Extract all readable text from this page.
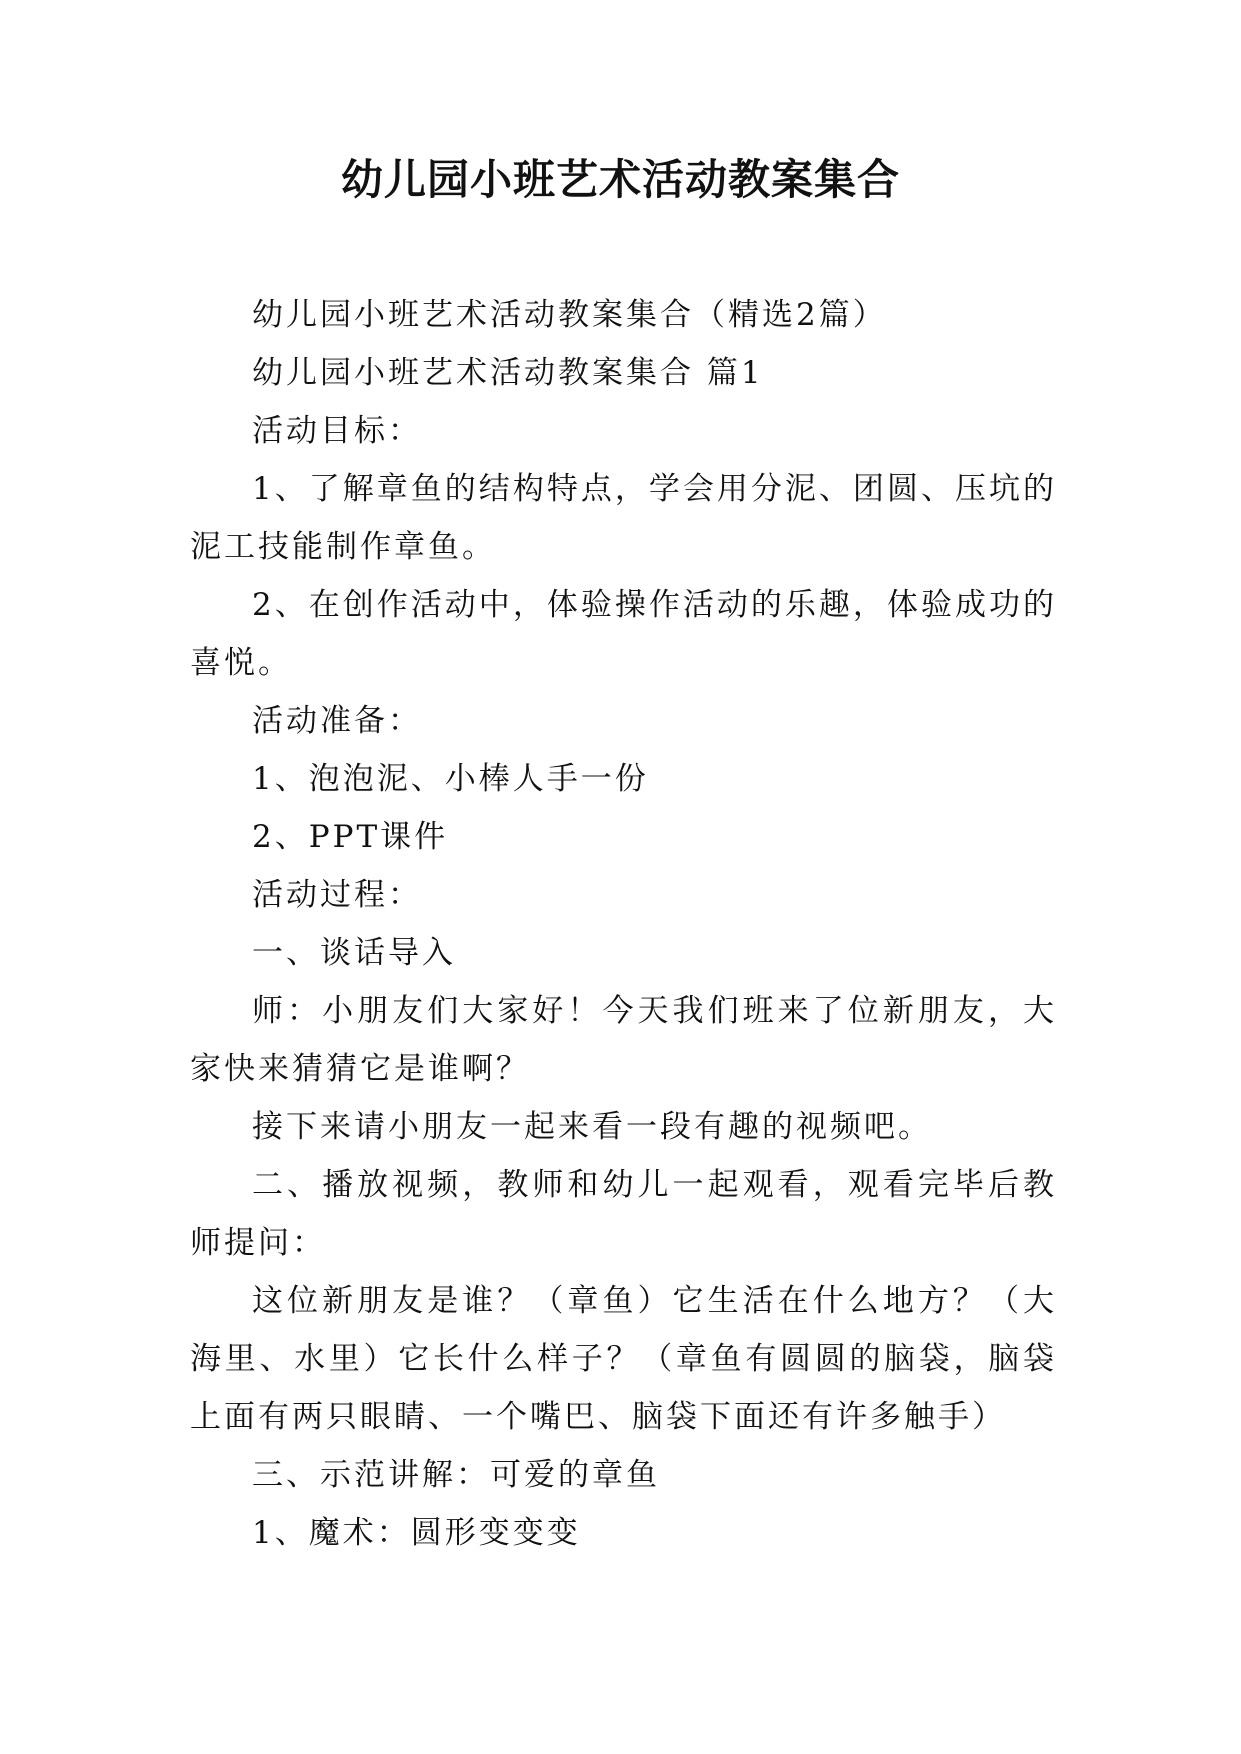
幼儿园小班艺术活动教案集合

幼儿园小班艺术活动教案集合（精选2篇）

幼儿园小班艺术活动教案集合 篇1

活动目标：

1、了解章鱼的结构特点，学会用分泥、团圆、压坑的泥工技能制作章鱼。

2、在创作活动中，体验操作活动的乐趣，体验成功的喜悦。

活动准备：

1、泡泡泥、小棒人手一份

2、PPT课件

活动过程：

一、谈话导入

师：小朋友们大家好！今天我们班来了位新朋友，大家快来猜猜它是谁啊？

接下来请小朋友一起来看一段有趣的视频吧。

二、播放视频，教师和幼儿一起观看，观看完毕后教师提问：

这位新朋友是谁？（章鱼）它生活在什么地方？（大海里、水里）它长什么样子？（章鱼有圆圆的脑袋，脑袋上面有两只眼睛、一个嘴巴、脑袋下面还有许多触手）

三、示范讲解：可爱的章鱼

1、魔术：圆形变变变
